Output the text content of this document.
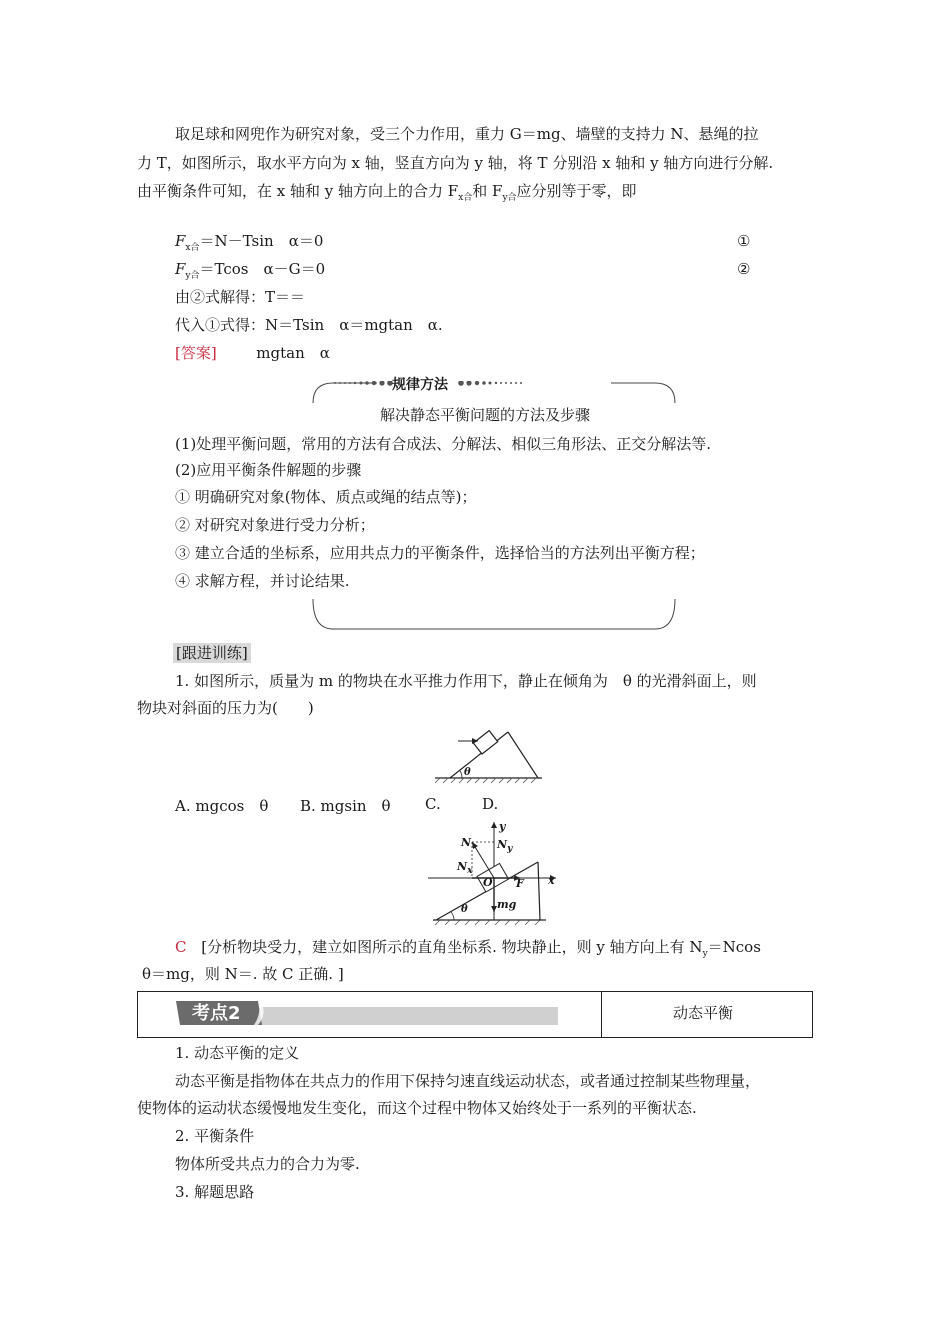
取足球和网兜作为研究对象，受三个力作用，重力 G＝mg、墙壁的支持力 N、悬绳的拉
力 T，如图所示，取水平方向为 x 轴，竖直方向为 y 轴，将 T 分别沿 x 轴和 y 轴方向进行分解.
由平衡条件可知，在 x 轴和 y 轴方向上的合力 $F_{x合}$和 $F_{y合}$应分别等于零，即
$F_{x合}=N-Tsin$　α＝0	①
$F_{y合}=Tcos$　α－G＝0	②
由②式解得：T＝＝
代入①式得：N＝Tsin　α＝mgtan　α.
[答案]	mgtan　α
规律方法
解决静态平衡问题的方法及步骤
(1)处理平衡问题，常用的方法有合成法、分解法、相似三角形法、正交分解法等.
(2)应用平衡条件解题的步骤
① 明确研究对象(物体、质点或绳的结点等)；
② 对研究对象进行受力分析；
③ 建立合适的坐标系，应用共点力的平衡条件，选择恰当的方法列出平衡方程；
④ 求解方程，并讨论结果.
[跟进训练]
1. 如图所示，质量为 m 的物块在水平推力作用下，静止在倾角为　θ 的光滑斜面上，则
物块对斜面的压力为(　　)
θ
A. mgcos　θ B. mgsin　θ C.	D.
y
x
N $N_y$
$N_x$
O F
mg
θ
C [分析物块受力，建立如图所示的直角坐标系. 物块静止，则 y 轴方向上有 $N_y=Ncos$
θ＝mg，则 N＝. 故 C 正确. ]
考点2	动态平衡
1. 动态平衡的定义
动态平衡是指物体在共点力的作用下保持匀速直线运动状态，或者通过控制某些物理量，
使物体的运动状态缓慢地发生变化，而这个过程中物体又始终处于一系列的平衡状态.
2. 平衡条件
物体所受共点力的合力为零.
3. 解题思路
